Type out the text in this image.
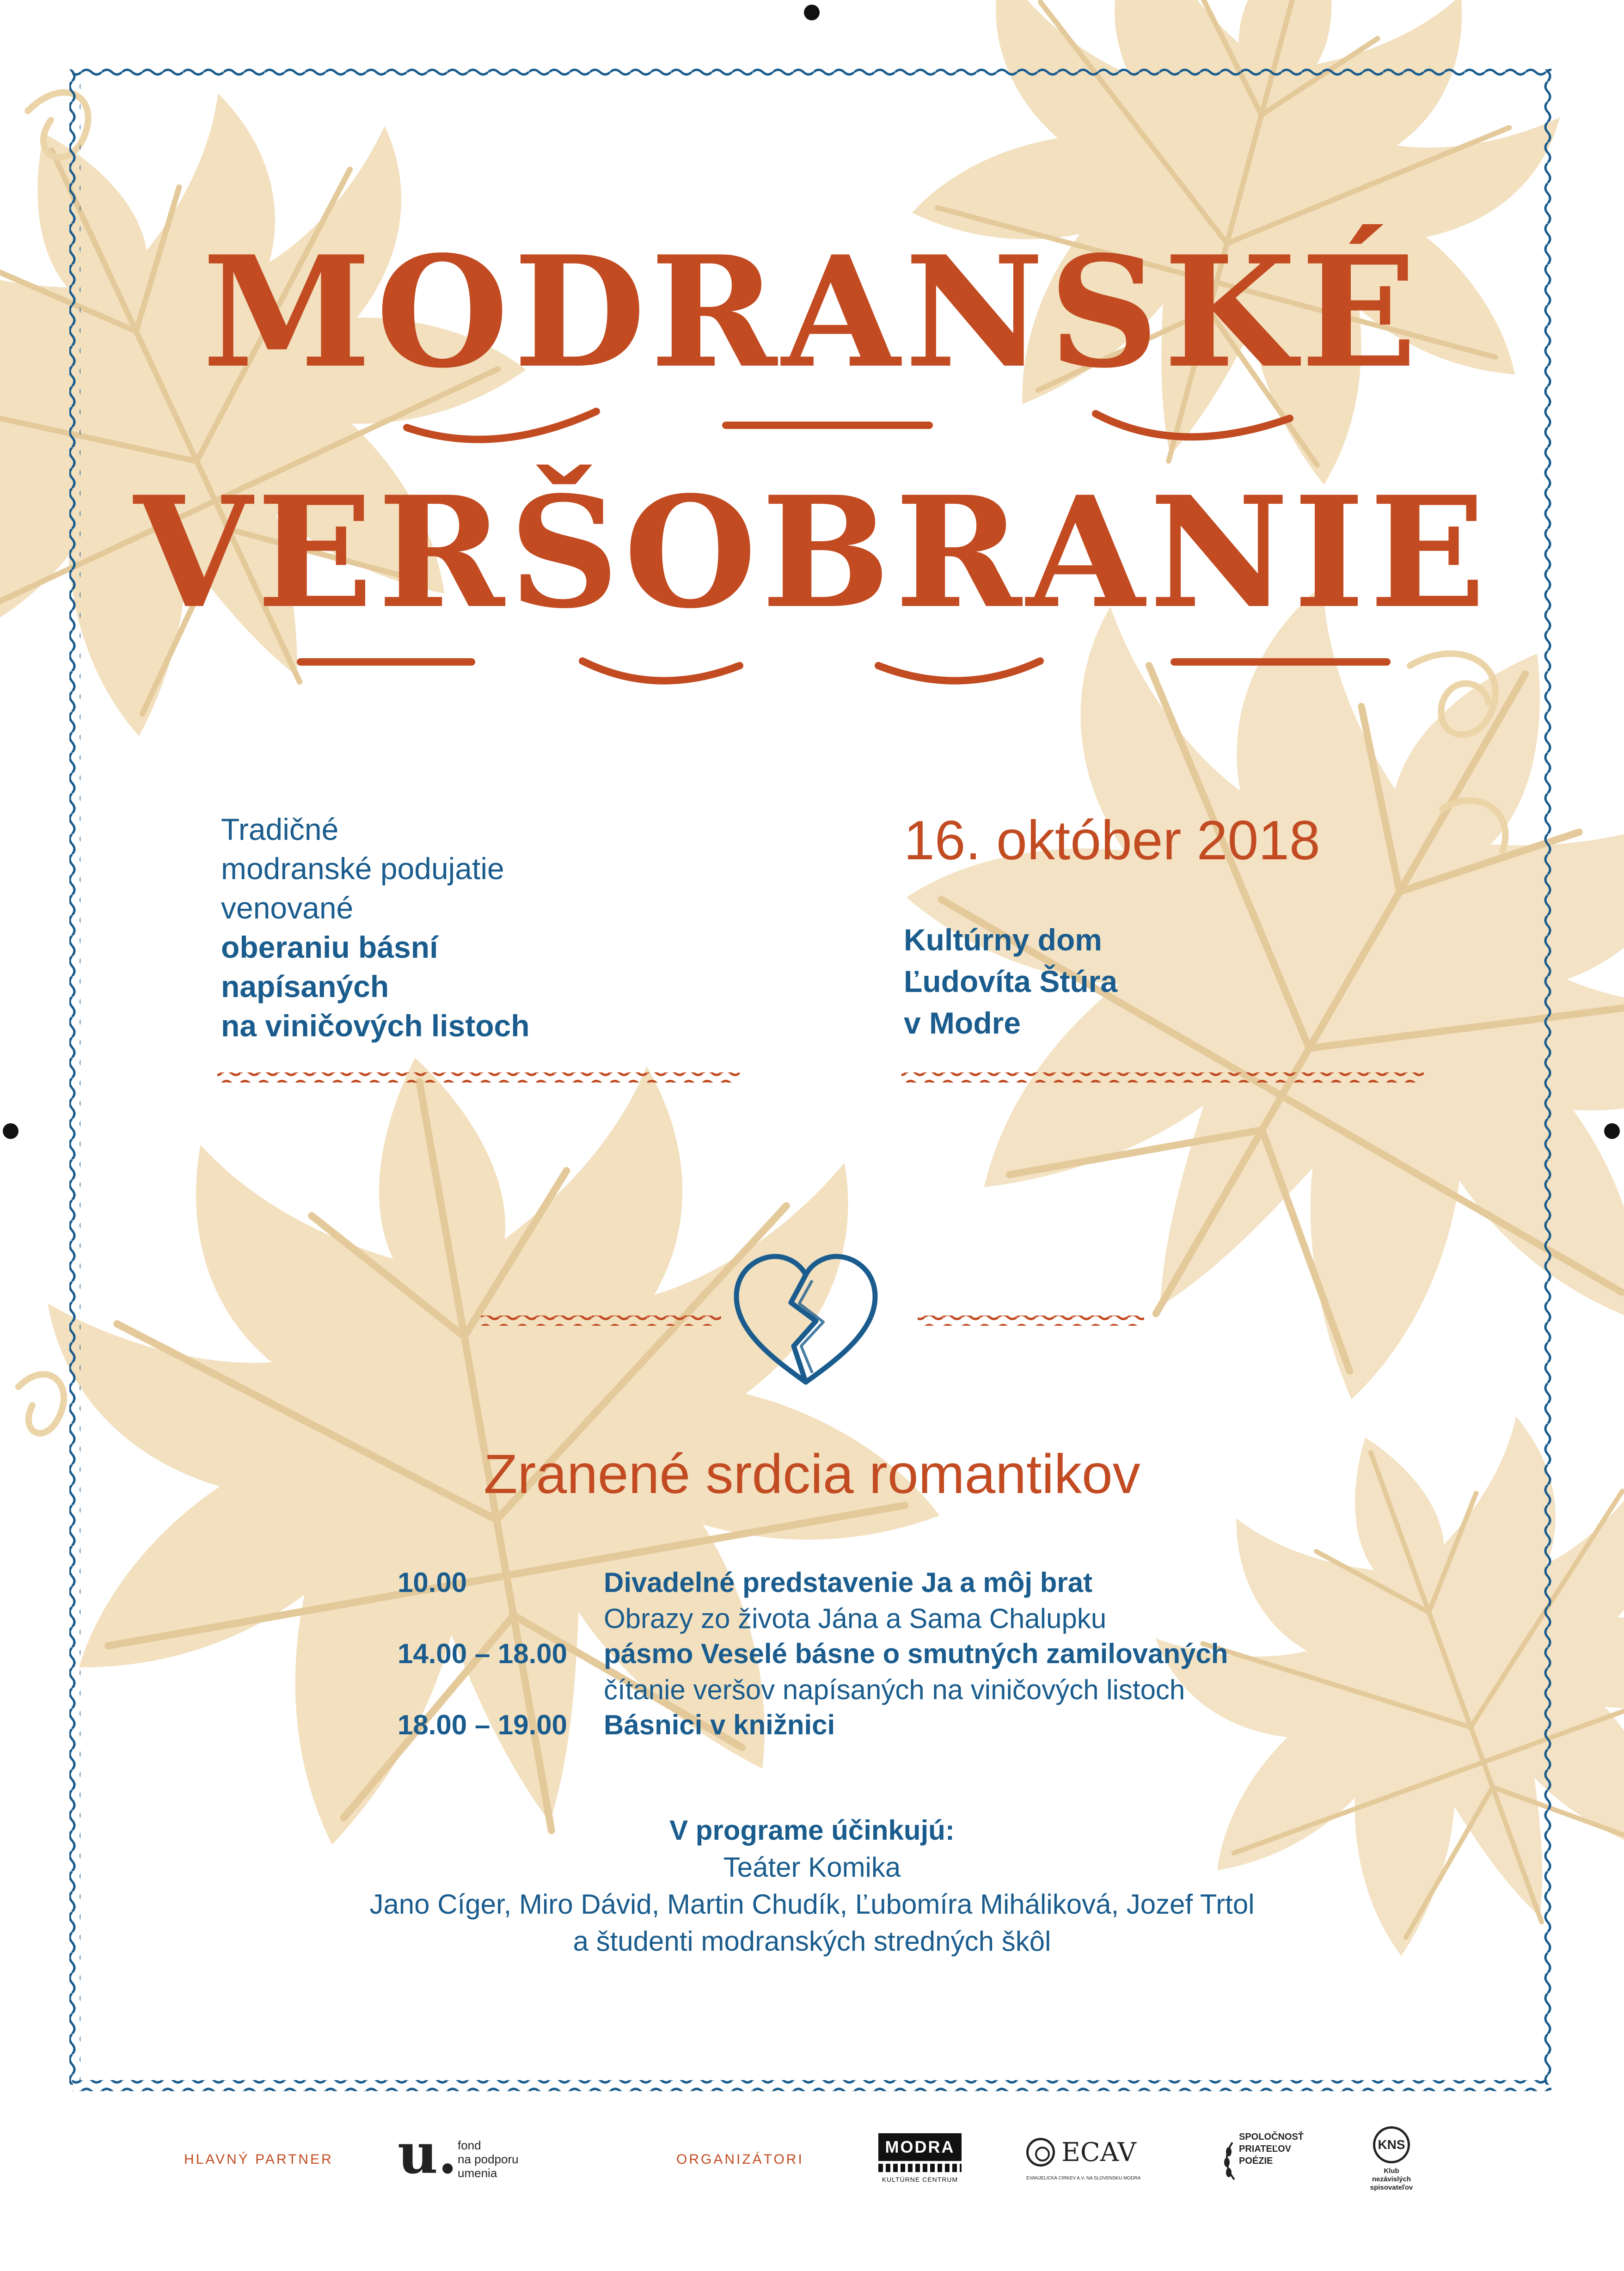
MODRANSKÉ
VERŠOBRANIE
Tradičné
modranské podujatie
venované
oberaniu básní
napísaných
na viničových listoch
16. október 2018
Kultúrny dom
Ľudovíta Štúra
v Modre
Zranené srdcia romantikov
10.00	Divadelné predstavenie Ja a môj brat
Obrazy zo života Jána a Sama Chalupku
14.00 – 18.00	pásmo Veselé básne o smutných zamilovaných
čítanie veršov napísaných na viničových listoch
18.00 – 19.00	Básnici v knižnici
V programe účinkujú:
Teáter Komika
Jano Cíger, Miro Dávid, Martin Chudík, Ľubomíra Miháliková, Jozef Trtol
a študenti modranských stredných škôl
HLAVNÝ PARTNER u. fond
na podporu
umenia
ORGANIZÁTORI
MODRA
KULTÚRNE CENTRUM
ECAV
EVANJELICKÁ CIRKEV A.V. NA SLOVENSKU MODRA
SPOLOČNOSŤ
PRIATEĽOV
POÉZIE
KNS
Klub
nezávislých
spisovateľov
